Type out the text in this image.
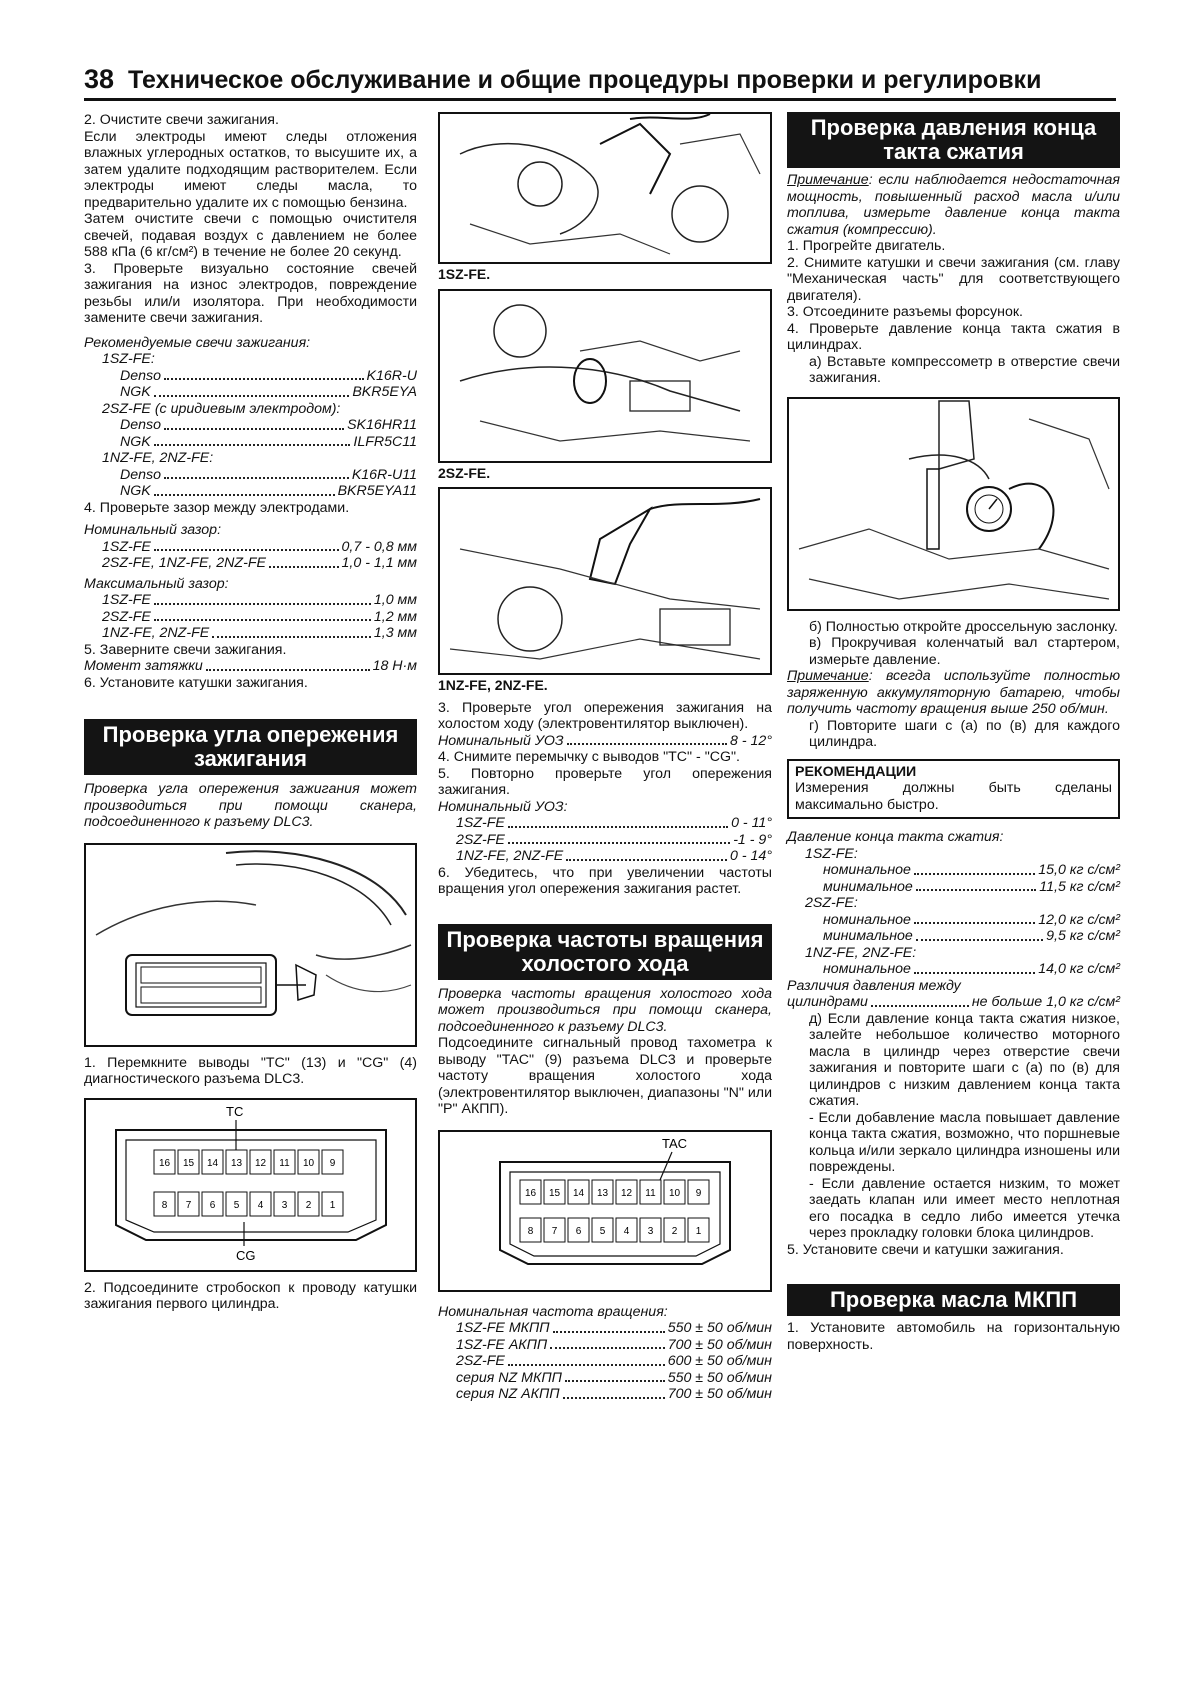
38 Техническое обслуживание и общие процедуры проверки и регулировки

2. Очистите свечи зажигания.

Если электроды имеют следы отложения влажных углеродных остатков, то высушите их, а затем удалите подходящим растворителем. Если электроды имеют следы масла, то предварительно удалите их с помощью бензина.

Затем очистите свечи с помощью очистителя свечей, подавая воздух с давлением не более 588 кПа (6 кг/см²) в течение не более 20 секунд.

3. Проверьте визуально состояние свечей зажигания на износ электродов, повреждение резьбы или/и изолятора. При необходимости замените свечи зажигания.

Рекомендуемые свечи зажигания:
1SZ-FE:
Denso	K16R-U
NGK	BKR5EYA
2SZ-FE (с иридиевым электродом):
Denso	SK16HR11
NGK	ILFR5C11
1NZ-FE, 2NZ-FE:
Denso	K16R-U11
NGK	BKR5EYA11

4. Проверьте зазор между электродами.

Номинальный зазор:
1SZ-FE	0,7 - 0,8 мм
2SZ-FE, 1NZ-FE, 2NZ-FE	1,0 - 1,1 мм
Максимальный зазор:
1SZ-FE	1,0 мм
2SZ-FE	1,2 мм
1NZ-FE, 2NZ-FE	1,3 мм

5. Заверните свечи зажигания.

Момент затяжки	18 Н·м

6. Установите катушки зажигания.

Проверка угла опережения зажигания

Проверка угла опережения зажигания может производиться при помощи сканера, подсоединенного к разъему DLC3.

1. Перемкните выводы "TC" (13) и "CG" (4) диагностического разъема DLC3.

TC
CG
16 15 14 13 12 11 10 9
8 7 6 5 4 3 2 1

2. Подсоедините стробоскоп к проводу катушки зажигания первого цилиндра.

1SZ-FE.
2SZ-FE.
1NZ-FE, 2NZ-FE.

3. Проверьте угол опережения зажигания на холостом ходу (электровентилятор выключен).

Номинальный УОЗ	8 - 12°

4. Снимите перемычку с выводов "TC" - "CG".

5. Повторно проверьте угол опережения зажигания.

Номинальный УОЗ:
1SZ-FE	0 - 11°
2SZ-FE	-1 - 9°
1NZ-FE, 2NZ-FE	0 - 14°

6. Убедитесь, что при увеличении частоты вращения угол опережения зажигания растет.

Проверка частоты вращения холостого хода

Проверка частоты вращения холостого хода может производиться при помощи сканера, подсоединенного к разъему DLC3.

Подсоедините сигнальный провод тахометра к выводу "TAC" (9) разъема DLC3 и проверьте частоту вращения холостого хода (электровентилятор выключен, диапазоны "N" или "P" АКПП).

TAC
16 15 14 13 12 11 10 9
8 7 6 5 4 3 2 1
Номинальная частота вращения:
1SZ-FE МКПП	550 ± 50 об/мин
1SZ-FE АКПП	700 ± 50 об/мин
2SZ-FE	600 ± 50 об/мин
серия NZ МКПП	550 ± 50 об/мин
серия NZ АКПП	700 ± 50 об/мин
Проверка давления конца такта сжатия

Примечание: если наблюдается недостаточная мощность, повышенный расход масла и/или топлива, измерьте давление конца такта сжатия (компрессию).

1. Прогрейте двигатель.

2. Снимите катушки и свечи зажигания (см. главу "Механическая часть" для соответствующего двигателя).

3. Отсоедините разъемы форсунок.

4. Проверьте давление конца такта сжатия в цилиндрах.

а) Вставьте компрессометр в отверстие свечи зажигания.

б) Полностью откройте дроссельную заслонку.

в) Прокручивая коленчатый вал стартером, измерьте давление.

Примечание: всегда используйте полностью заряженную аккумуляторную батарею, чтобы получить частоту вращения выше 250 об/мин.

г) Повторите шаги с (а) по (в) для каждого цилиндра.

РЕКОМЕНДАЦИИ

Измерения должны быть сделаны максимально быстро.

Давление конца такта сжатия:
1SZ-FE:
номинальное	15,0 кг с/см²
минимальное	11,5 кг с/см²
2SZ-FE:
номинальное	12,0 кг с/см²
минимальное	9,5 кг с/см²
1NZ-FE, 2NZ-FE:
номинальное	14,0 кг с/см²
Различия давления между
цилиндрами	не больше 1,0 кг с/см²

д) Если давление конца такта сжатия низкое, залейте небольшое количество моторного масла в цилиндр через отверстие свечи зажигания и повторите шаги с (а) по (в) для цилиндров с низким давлением конца такта сжатия.

- Если добавление масла повышает давление конца такта сжатия, возможно, что поршневые кольца и/или зеркало цилиндра изношены или повреждены.

- Если давление остается низким, то может заедать клапан или имеет место неплотная его посадка в седло либо имеется утечка через прокладку головки блока цилиндров.

5. Установите свечи и катушки зажигания.

Проверка масла МКПП

1. Установите автомобиль на горизонтальную поверхность.
